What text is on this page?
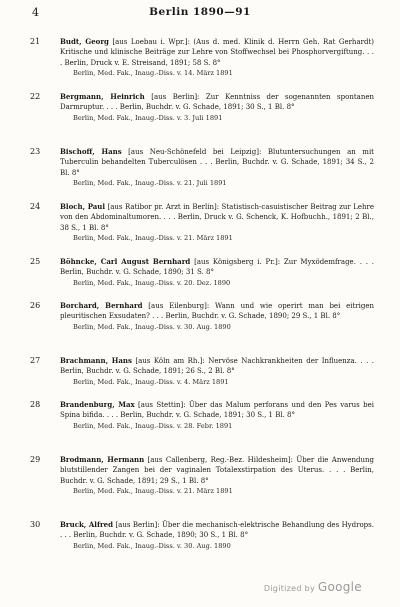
4	Berlin 1890—91
21	Budt, Georg [aus Loebau i. Wpr.]: (Aus d. med. Klinik d. Herrn Geh. Rat Gerhardt) Kritische und klinische Beiträge zur Lehre von Stoffwechsel bei Phosphorvergiftung. . . . Berlin, Druck v. E. Streisand, 1891; 58 S. 8°
Berlin, Med. Fak., Inaug.-Diss. v. 14. März 1891
22	Bergmann, Heinrich [aus Berlin]: Zur Kenntniss der sogenannten spontanen Darmruptur. . . . Berlin, Buchdr. v. G. Schade, 1891; 30 S., 1 Bl. 8°
Berlin, Med. Fak., Inaug.-Diss. v. 3. Juli 1891
23	Bischoff, Hans [aus Neu-Schönefeld bei Leipzig]: Blutuntersuchungen an mit Tuberculin behandelten Tuberculösen . . . Berlin, Buchdr. v. G. Schade, 1891; 34 S., 2 Bl. 8°
Berlin, Med. Fak., Inaug.-Diss. v. 21. Juli 1891
24	Bloch, Paul [aus Ratibor pr. Arzt in Berlin]: Statistisch-casuistischer Beitrag zur Lehre von den Abdominaltumoren. . . . Berlin, Druck v. G. Schenck, K. Hofbuchh., 1891; 2 Bl., 38 S., 1 Bl. 8°
Berlin, Med. Fak., Inaug.-Diss. v. 21. März 1891
25	Böhncke, Carl August Bernhard [aus Königsberg i. Pr.]: Zur Myxödemfrage. . . . Berlin, Buchdr. v. G. Schade, 1890; 31 S. 8°
Berlin, Med. Fak., Inaug.-Diss. v. 20. Dez. 1890
26	Borchard, Bernhard [aus Eilenburg]: Wann und wie operirt man bei eitrigen pleuritischen Exsudaten? . . . Berlin, Buchdr. v. G. Schade, 1890; 29 S., 1 Bl. 8°
Berlin, Med. Fak., Inaug.-Diss. v. 30. Aug. 1890
27	Brachmann, Hans [aus Köln am Rh.]: Nervöse Nachkrankheiten der Influenza. . . . Berlin, Buchdr. v. G. Schade, 1891; 26 S., 2 Bl. 8°
Berlin, Med. Fak., Inaug.-Diss. v. 4. März 1891
28	Brandenburg, Max [aus Stettin]: Über das Malum perforans und den Pes varus bei Spina bifida. . . . Berlin, Buchdr. v. G. Schade, 1891; 30 S., 1 Bl. 8°
Berlin, Med. Fak., Inaug.-Diss. v. 28. Febr. 1891
29	Brodmann, Hermann [aus Callenberg, Reg.-Bez. Hildesheim]: Über die Anwendung blutstillender Zangen bei der vaginalen Totalexstirpation des Uterus. . . . Berlin, Buchdr. v. G. Schade, 1891; 29 S., 1 Bl. 8°
Berlin, Med. Fak., Inaug.-Diss. v. 21. März 1891
30	Bruck, Alfred [aus Berlin]: Über die mechanisch-elektrische Behandlung des Hydrops. . . . Berlin, Buchdr. v. G. Schade, 1890; 30 S., 1 Bl. 8°
Berlin, Med. Fak., Inaug.-Diss. v. 30. Aug. 1890
Digitized by Google
